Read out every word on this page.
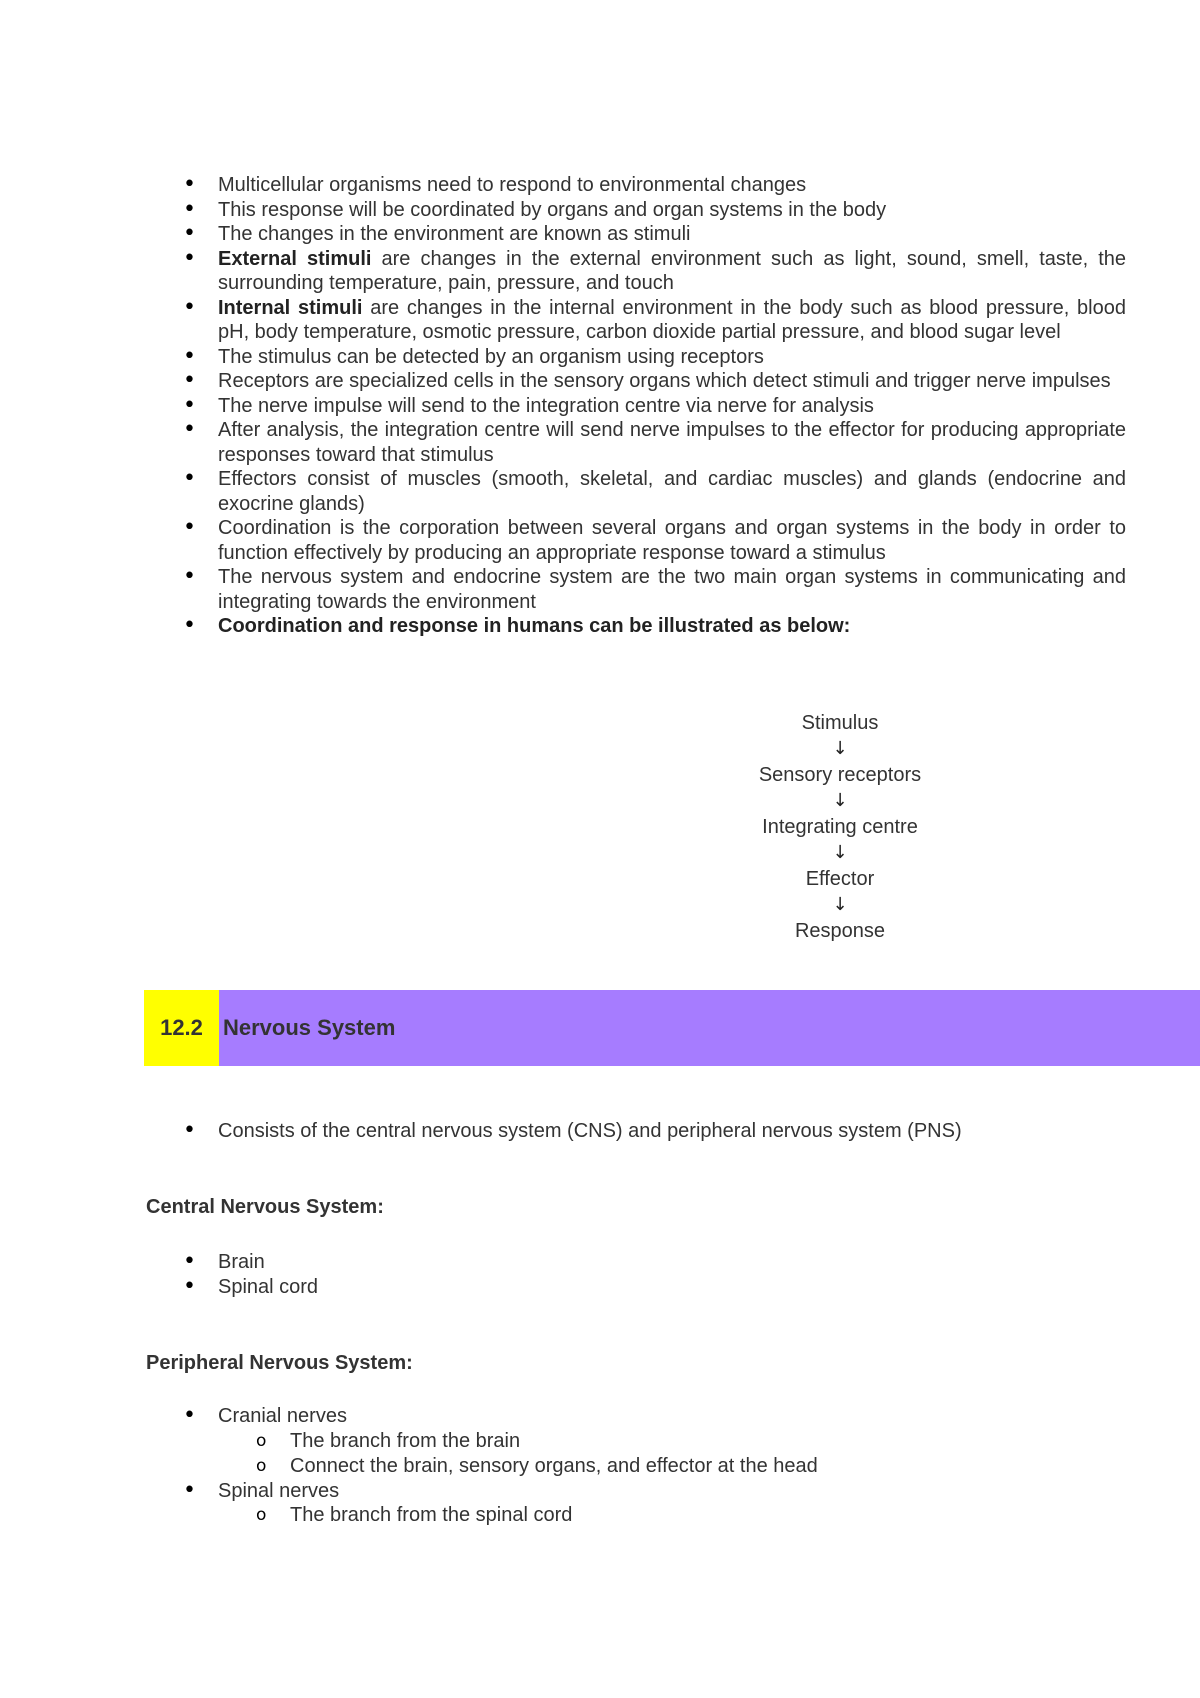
• Multicellular organisms need to respond to environmental changes
• This response will be coordinated by organs and organ systems in the body
• The changes in the environment are known as stimuli
• External stimuli are changes in the external environment such as light, sound, smell, taste, the surrounding temperature, pain, pressure, and touch
• Internal stimuli are changes in the internal environment in the body such as blood pressure, blood pH, body temperature, osmotic pressure, carbon dioxide partial pressure, and blood sugar level
• The stimulus can be detected by an organism using receptors
• Receptors are specialized cells in the sensory organs which detect stimuli and trigger nerve impulses
• The nerve impulse will send to the integration centre via nerve for analysis
• After analysis, the integration centre will send nerve impulses to the effector for producing appropriate responses toward that stimulus
• Effectors consist of muscles (smooth, skeletal, and cardiac muscles) and glands (endocrine and exocrine glands)
• Coordination is the corporation between several organs and organ systems in the body in order to function effectively by producing an appropriate response toward a stimulus
• The nervous system and endocrine system are the two main organ systems in communicating and integrating towards the environment
• Coordination and response in humans can be illustrated as below:
Stimulus
↓
Sensory receptors
↓
Integrating centre
↓
Effector
↓
Response
12.2 Nervous System
• Consists of the central nervous system (CNS) and peripheral nervous system (PNS)
Central Nervous System:
• Brain
• Spinal cord
Peripheral Nervous System:
• Cranial nerves
o The branch from the brain
o Connect the brain, sensory organs, and effector at the head
• Spinal nerves
o The branch from the spinal cord
